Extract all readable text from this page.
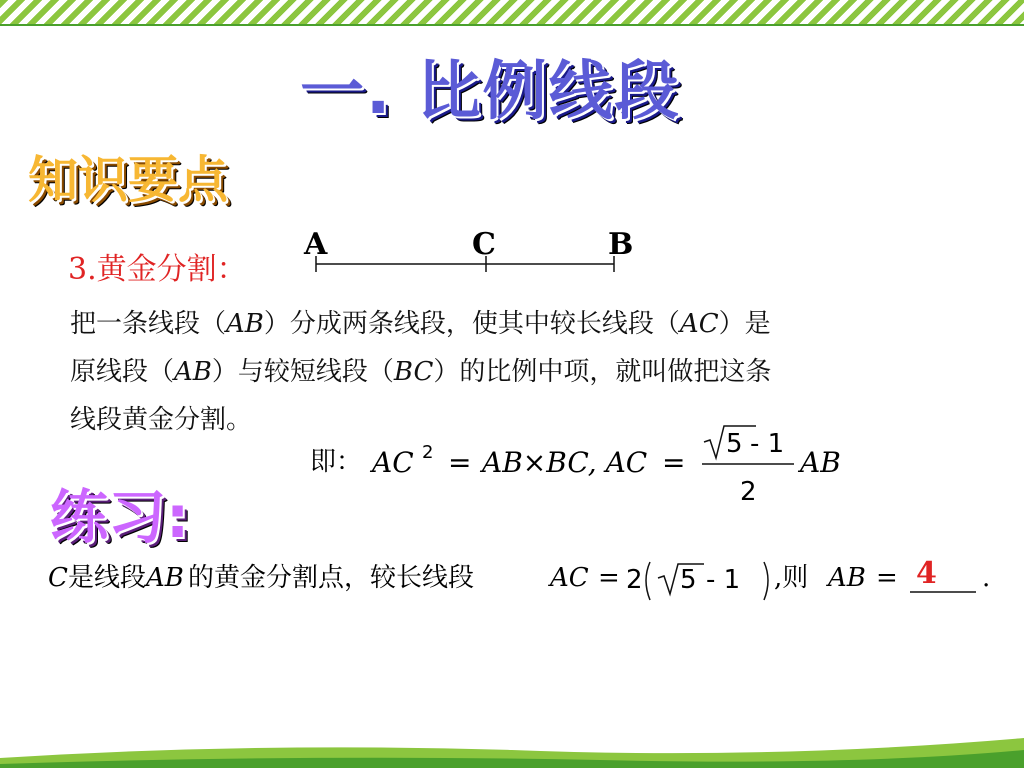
一. 比例线段
知识要点
3.黄金分割：
A	C	B
把一条线段（AB）分成两条线段，使其中较长线段（AC）是
原线段（AB）与较短线段（BC）的比例中项，就叫做把这条
线段黄金分割。
即： AC 2 = AB×BC, AC =
5 - 1
2
AB
练习:
C 是线段 AB 的黄金分割点，较长线段	AC = 2 5 - 1 ,则 AB =	.
4
